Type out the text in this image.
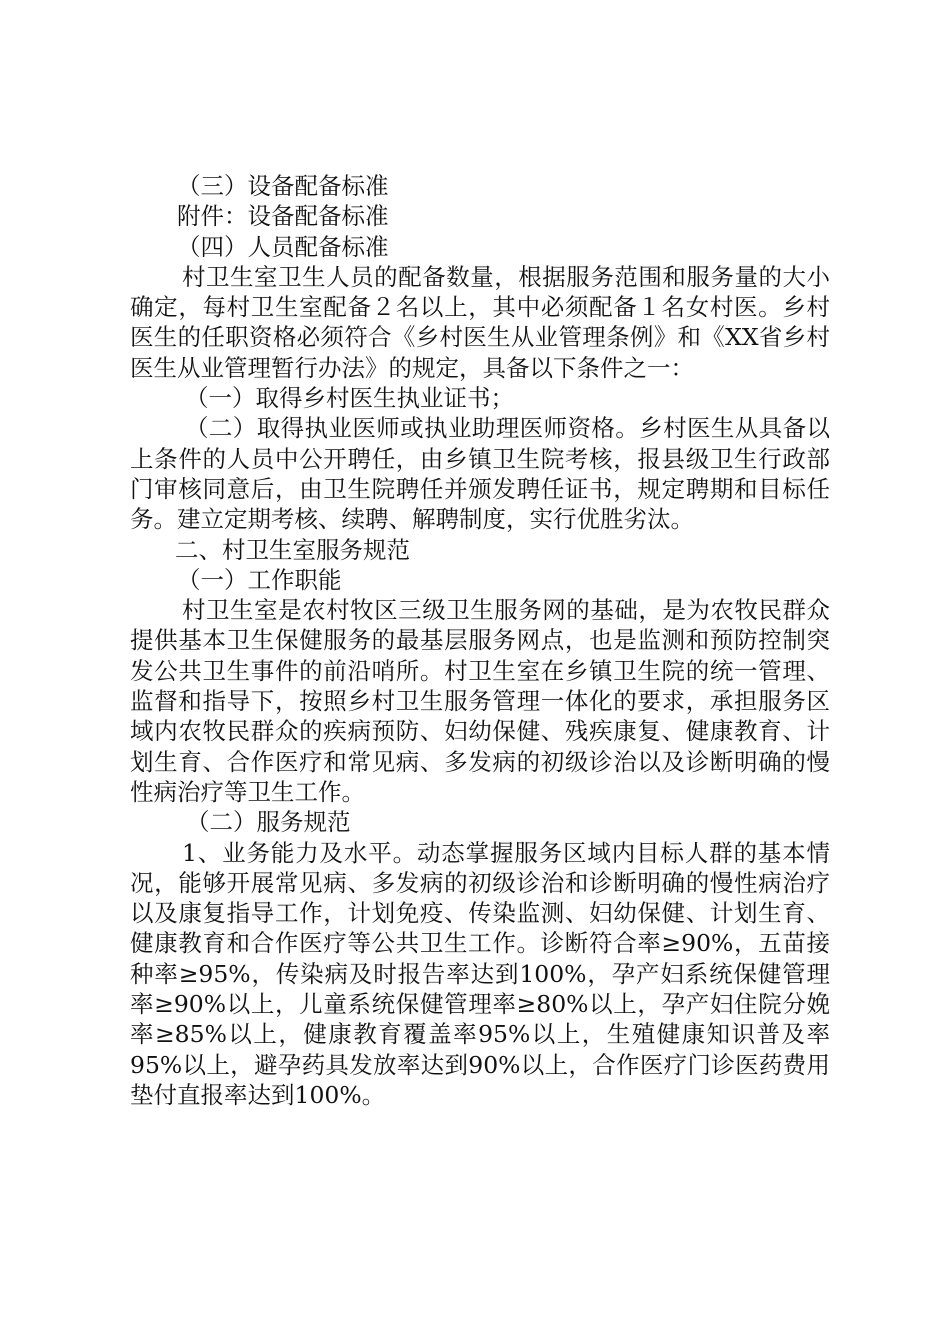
（三）设备配备标准

附件：设备配备标准

（四）人员配备标准

村卫生室卫生人员的配备数量，根据服务范围和服务量的大小确定，每村卫生室配备２名以上，其中必须配备１名女村医。乡村医生的任职资格必须符合《乡村医生从业管理条例》和《XX省乡村医生从业管理暂行办法》的规定，具备以下条件之一：

（一）取得乡村医生执业证书；

（二）取得执业医师或执业助理医师资格。乡村医生从具备以上条件的人员中公开聘任，由乡镇卫生院考核，报县级卫生行政部门审核同意后，由卫生院聘任并颁发聘任证书，规定聘期和目标任务。建立定期考核、续聘、解聘制度，实行优胜劣汰。

二、村卫生室服务规范

（一）工作职能

村卫生室是农村牧区三级卫生服务网的基础，是为农牧民群众提供基本卫生保健服务的最基层服务网点，也是监测和预防控制突发公共卫生事件的前沿哨所。村卫生室在乡镇卫生院的统一管理、监督和指导下，按照乡村卫生服务管理一体化的要求，承担服务区域内农牧民群众的疾病预防、妇幼保健、残疾康复、健康教育、计划生育、合作医疗和常见病、多发病的初级诊治以及诊断明确的慢性病治疗等卫生工作。

（二）服务规范

1、业务能力及水平。动态掌握服务区域内目标人群的基本情况，能够开展常见病、多发病的初级诊治和诊断明确的慢性病治疗以及康复指导工作，计划免疫、传染监测、妇幼保健、计划生育、健康教育和合作医疗等公共卫生工作。诊断符合率≥90%，五苗接种率≥95%，传染病及时报告率达到100%，孕产妇系统保健管理率≥90%以上，儿童系统保健管理率≥80%以上，孕产妇住院分娩率≥85%以上，健康教育覆盖率95%以上，生殖健康知识普及率95%以上，避孕药具发放率达到90%以上，合作医疗门诊医药费用垫付直报率达到100%。
